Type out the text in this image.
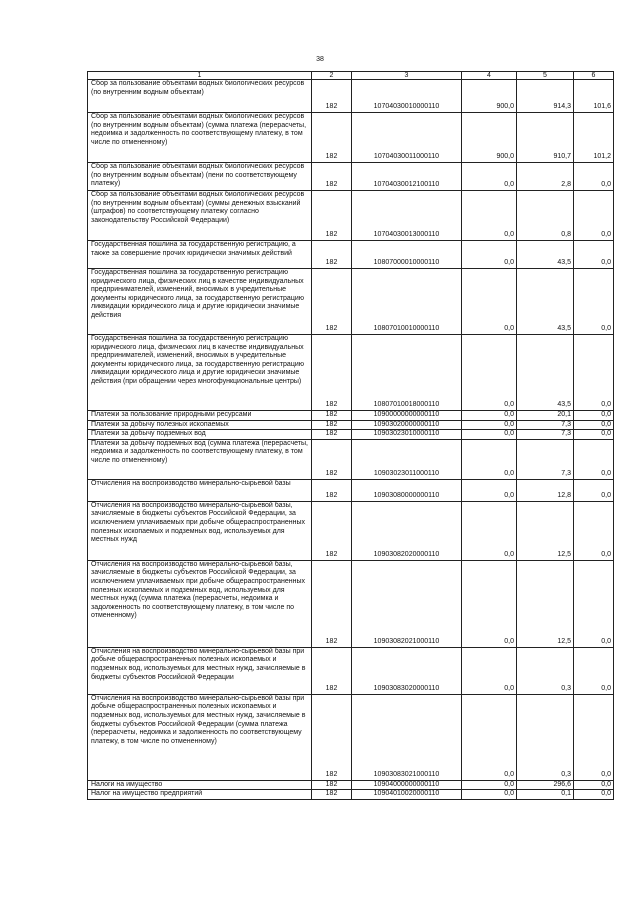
38
1	2	3	4	5	6
Сбор за пользование объектами водных биологических ресурсов (по внутренним водным объектам)	182	10704030010000110	900,0	914,3	101,6
Сбор за пользование объектами водных биологических ресурсов (по внутренним водным объектам) (сумма платежа (перерасчеты, недоимка и задолженность по соответствующему платежу, в том числе по отмененному)	182	10704030011000110	900,0	910,7	101,2
Сбор за пользование объектами водных биологических ресурсов (по внутренним водным объектам) (пени по соответствующему платежу)	182	10704030012100110	0,0	2,8	0,0
Сбор за пользование объектами водных биологических ресурсов (по внутренним водным объектам) (суммы денежных взысканий (штрафов) по соответствующему платежу согласно законодательству Российской Федерации)	182	10704030013000110	0,0	0,8	0,0
Государственная пошлина за государственную регистрацию, а также за совершение прочих юридически значимых действий	182	10807000010000110	0,0	43,5	0,0
Государственная пошлина за государственную регистрацию юридического лица, физических лиц в качестве индивидуальных предпринимателей, изменений, вносимых в учредительные документы юридического лица, за государственную регистрацию ликвидации юридического лица и другие юридически значимые действия	182	10807010010000110	0,0	43,5	0,0
Государственная пошлина за государственную регистрацию юридического лица, физических лиц в качестве индивидуальных предпринимателей, изменений, вносимых в учредительные документы юридического лица, за государственную регистрацию ликвидации юридического лица и другие юридически значимые действия (при обращении через многофункциональные центры)	182	10807010018000110	0,0	43,5	0,0
Платежи за пользование природными ресурсами	182	10900000000000110	0,0	20,1	0,0
Платежи за добычу полезных ископаемых	182	10903020000000110	0,0	7,3	0,0
Платежи за добычу подземных вод	182	10903023010000110	0,0	7,3	0,0
Платежи за добычу подземных вод (сумма платежа (перерасчеты, недоимка и задолженность по соответствующему платежу, в том числе по отмененному)	182	10903023011000110	0,0	7,3	0,0
Отчисления на воспроизводство минерально-сырьевой базы	182	10903080000000110	0,0	12,8	0,0
Отчисления на воспроизводство минерально-сырьевой базы, зачисляемые в бюджеты субъектов Российской Федерации, за исключением уплачиваемых при добыче общераспространенных полезных ископаемых и подземных вод, используемых для местных нужд	182	10903082020000110	0,0	12,5	0,0
Отчисления на воспроизводство минерально-сырьевой базы, зачисляемые в бюджеты субъектов Российской Федерации, за исключением уплачиваемых при добыче общераспространенных полезных ископаемых и подземных вод, используемых для местных нужд (сумма платежа (перерасчеты, недоимка и задолженность по соответствующему платежу, в том числе по отмененному)	182	10903082021000110	0,0	12,5	0,0
Отчисления на воспроизводство минерально-сырьевой базы при добыче общераспространенных полезных ископаемых и подземных вод, используемых для местных нужд, зачисляемые в бюджеты субъектов Российской Федерации	182	10903083020000110	0,0	0,3	0,0
Отчисления на воспроизводство минерально-сырьевой базы при добыче общераспространенных полезных ископаемых и подземных вод, используемых для местных нужд, зачисляемые в бюджеты субъектов Российской Федерации (сумма платежа (перерасчеты, недоимка и задолженность по соответствующему платежу, в том числе по отмененному)	182	10903083021000110	0,0	0,3	0,0
Налоги на имущество	182	10904000000000110	0,0	296,6	0,0
Налог на имущество предприятий	182	10904010020000110	0,0	0,1	0,0
